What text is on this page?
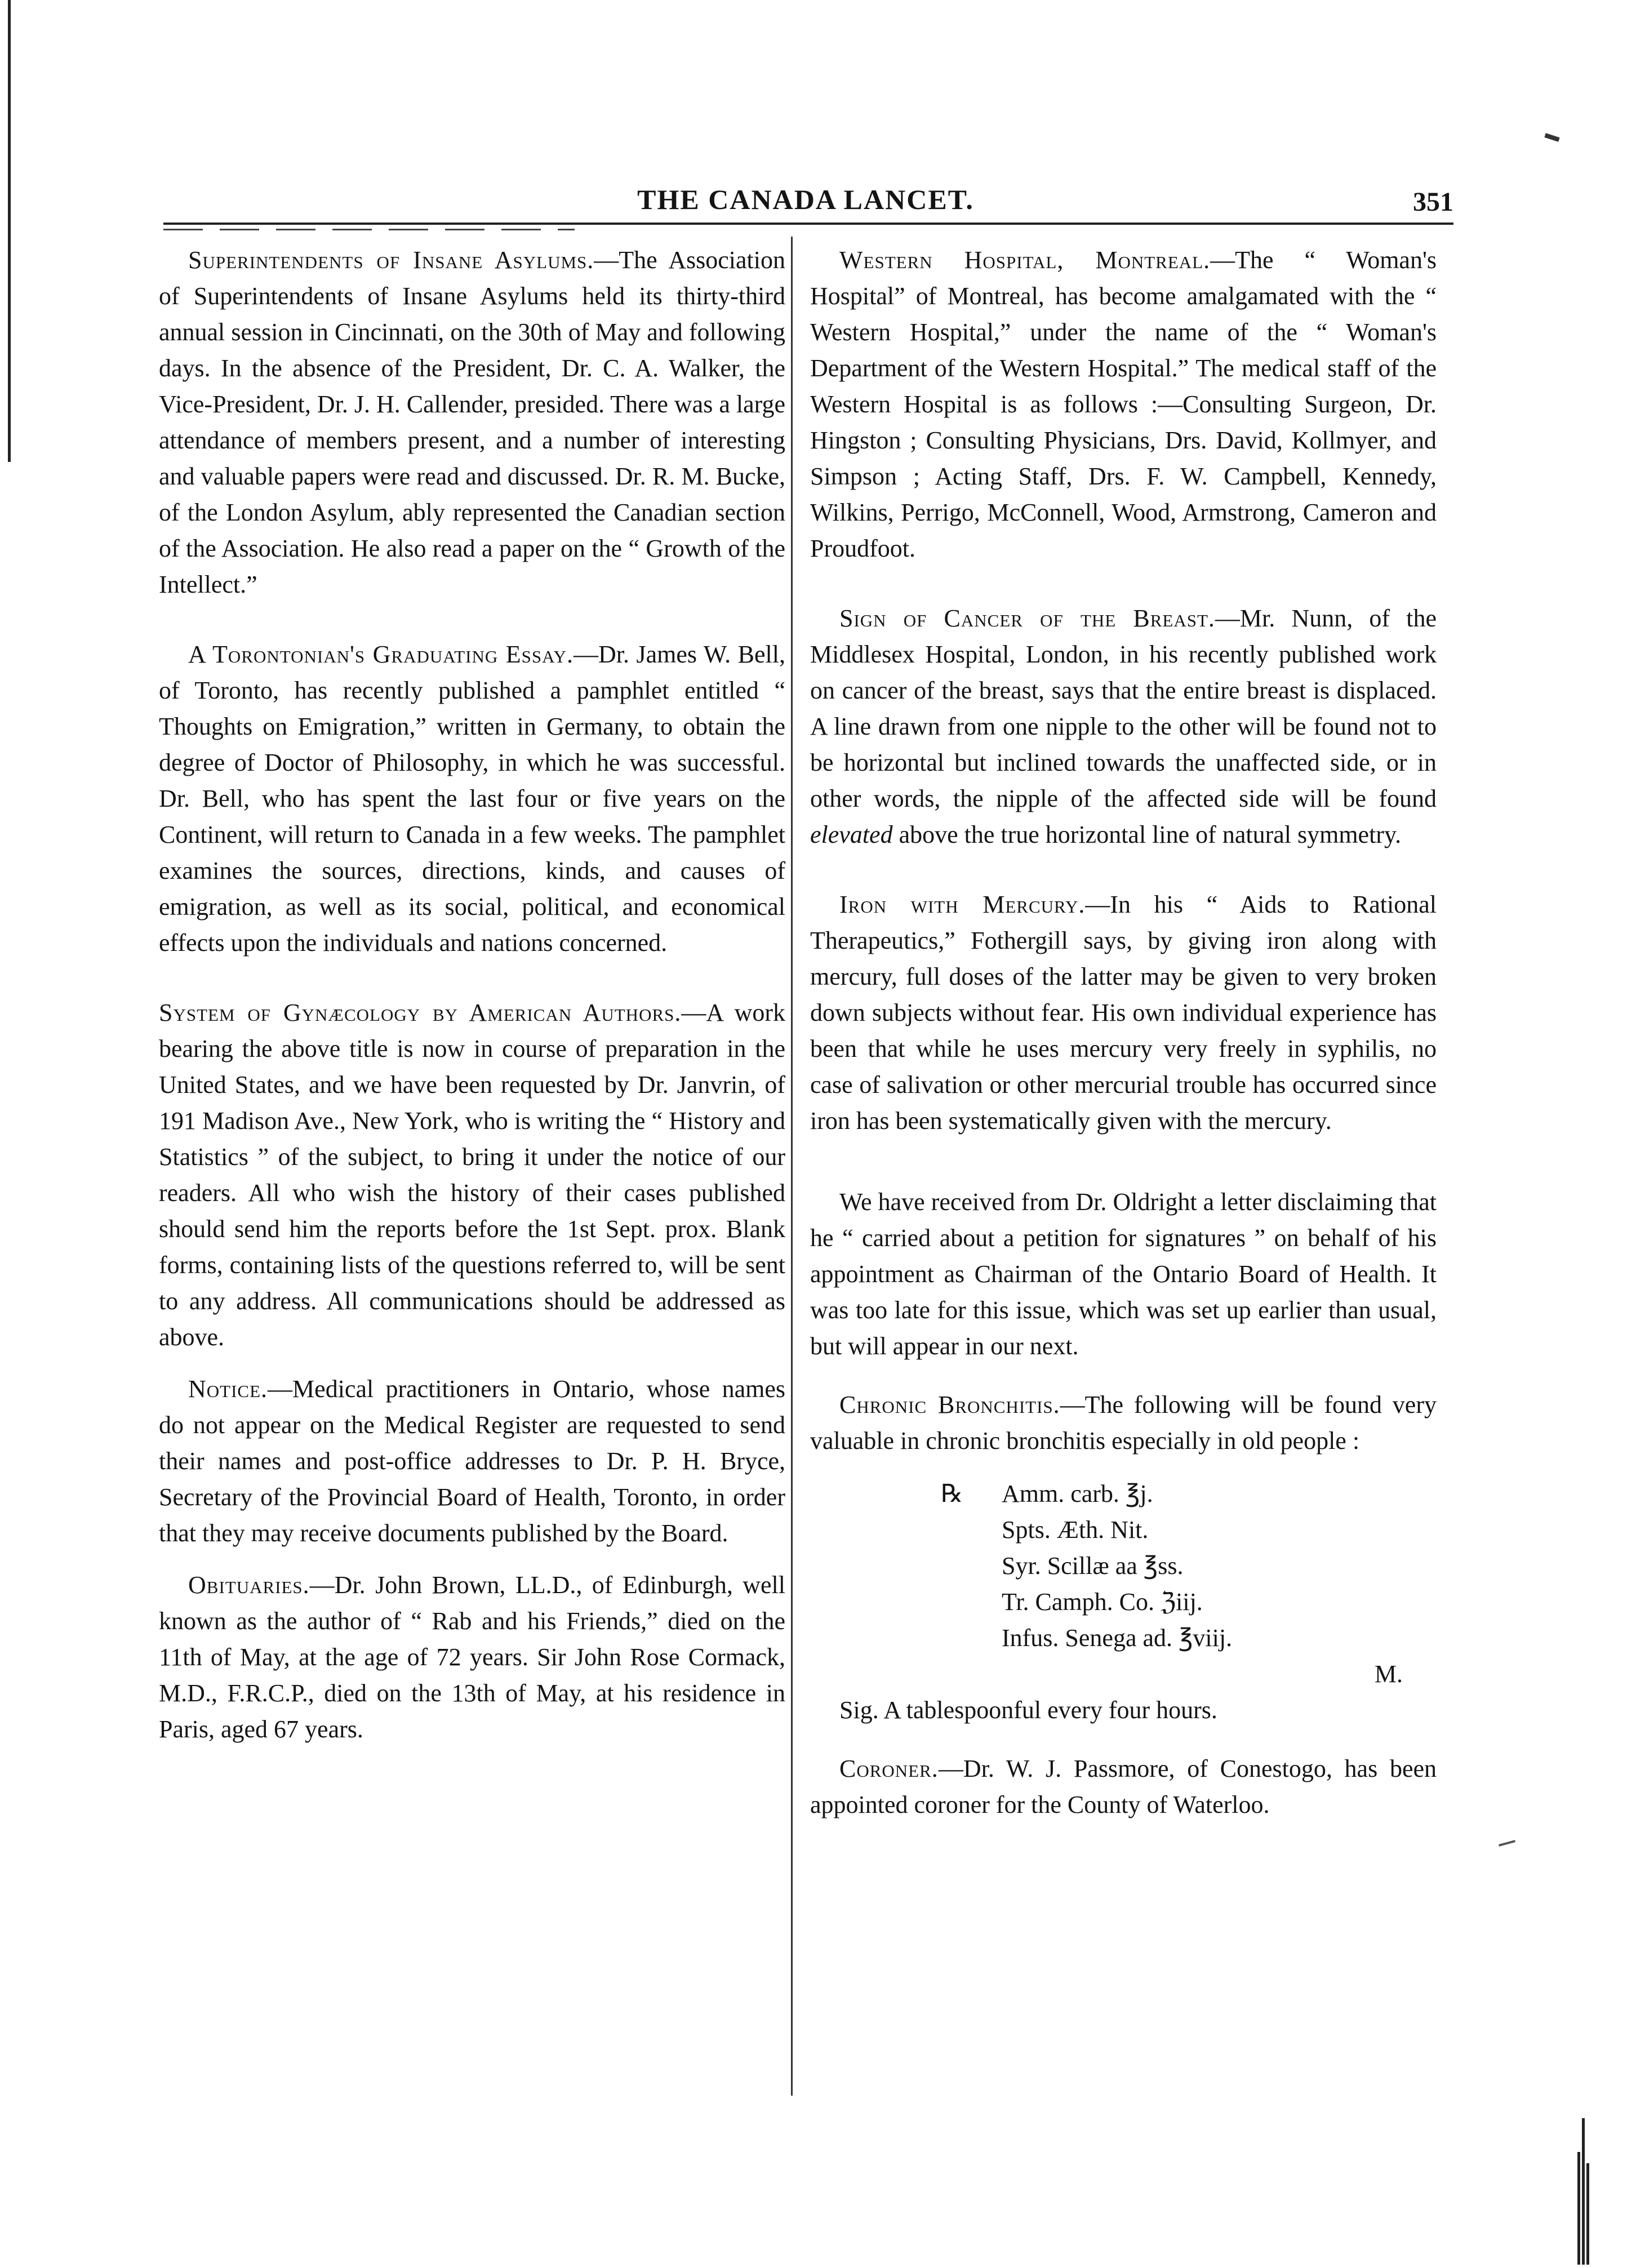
THE CANADA LANCET.	351

Superintendents of Insane Asylums.—The Association of Superintendents of Insane Asylums held its thirty-third annual session in Cincinnati, on the 30th of May and following days. In the absence of the President, Dr. C. A. Walker, the Vice-President, Dr. J. H. Callender, presided. There was a large attendance of members present, and a number of interesting and valuable papers were read and discussed. Dr. R. M. Bucke, of the London Asylum, ably represented the Canadian section of the Association. He also read a paper on the “ Growth of the Intellect.”

A Torontonian's Graduating Essay.—Dr. James W. Bell, of Toronto, has recently published a pamphlet entitled “ Thoughts on Emigration,” written in Germany, to obtain the degree of Doctor of Philosophy, in which he was successful. Dr. Bell, who has spent the last four or five years on the Continent, will return to Canada in a few weeks. The pamphlet examines the sources, directions, kinds, and causes of emigration, as well as its social, political, and economical effects upon the individuals and nations concerned.

System of Gynæcology by American Authors.—A work bearing the above title is now in course of preparation in the United States, and we have been requested by Dr. Janvrin, of 191 Madison Ave., New York, who is writing the “ History and Statistics ” of the subject, to bring it under the notice of our readers. All who wish the history of their cases published should send him the reports before the 1st Sept. prox. Blank forms, containing lists of the questions referred to, will be sent to any address. All communications should be addressed as above.

Notice.—Medical practitioners in Ontario, whose names do not appear on the Medical Register are requested to send their names and post-office addresses to Dr. P. H. Bryce, Secretary of the Provincial Board of Health, Toronto, in order that they may receive documents published by the Board.

Obituaries.—Dr. John Brown, LL.D., of Edinburgh, well known as the author of “ Rab and his Friends,” died on the 11th of May, at the age of 72 years. Sir John Rose Cormack, M.D., F.R.C.P., died on the 13th of May, at his residence in Paris, aged 67 years.

Western Hospital, Montreal.—The “ Woman's Hospital” of Montreal, has become amalgamated with the “ Western Hospital,” under the name of the “ Woman's Department of the Western Hospital.” The medical staff of the Western Hospital is as follows :—Consulting Surgeon, Dr. Hingston ; Consulting Physicians, Drs. David, Kollmyer, and Simpson ; Acting Staff, Drs. F. W. Campbell, Kennedy, Wilkins, Perrigo, McConnell, Wood, Armstrong, Cameron and Proudfoot.

Sign of Cancer of the Breast.—Mr. Nunn, of the Middlesex Hospital, London, in his recently published work on cancer of the breast, says that the entire breast is displaced. A line drawn from one nipple to the other will be found not to be horizontal but inclined towards the unaffected side, or in other words, the nipple of the affected side will be found elevated above the true horizontal line of natural symmetry.

Iron with Mercury.—In his “ Aids to Rational Therapeutics,” Fothergill says, by giving iron along with mercury, full doses of the latter may be given to very broken down subjects without fear. His own individual experience has been that while he uses mercury very freely in syphilis, no case of salivation or other mercurial trouble has occurred since iron has been systematically given with the mercury.

We have received from Dr. Oldright a letter disclaiming that he “ carried about a petition for signatures ” on behalf of his appointment as Chairman of the Ontario Board of Health. It was too late for this issue, which was set up earlier than usual, but will appear in our next.

Chronic Bronchitis.—The following will be found very valuable in chronic bronchitis especially in old people :

℞ Amm. carb. ℥j.
Spts. Æth. Nit.
Syr. Scillæ aa ℥ss.
Tr. Camph. Co. ℨiij.
Infus. Senega ad. ℥viij.
M.
Sig. A tablespoonful every four hours.

Coroner.—Dr. W. J. Passmore, of Conestogo, has been appointed coroner for the County of Waterloo.
